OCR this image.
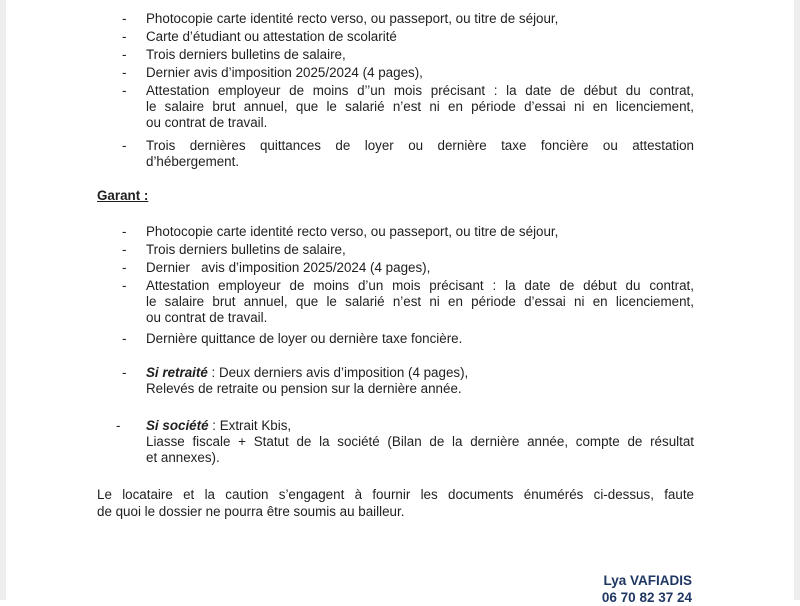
- Photocopie carte identité recto verso, ou passeport, ou titre de séjour,
- Carte d’étudiant ou attestation de scolarité
- Trois derniers bulletins de salaire,
- Dernier avis d’imposition 2025/2024 (4 pages),
- Attestation employeur de moins d’’un mois précisant : la date de début du contrat,
le salaire brut annuel, que le salarié n’est ni en période d’essai ni en licenciement,
ou contrat de travail.
- Trois dernières quittances de loyer ou dernière taxe foncière ou attestation
d’hébergement.
Garant :
- Photocopie carte identité recto verso, ou passeport, ou titre de séjour,
- Trois derniers bulletins de salaire,
- Dernier   avis d’imposition 2025/2024 (4 pages),
- Attestation employeur de moins d’un mois précisant : la date de début du contrat,
le salaire brut annuel, que le salarié n’est ni en période d’essai ni en licenciement,
ou contrat de travail.
- Dernière quittance de loyer ou dernière taxe foncière.
- Si retraité : Deux derniers avis d’imposition (4 pages),
Relevés de retraite ou pension sur la dernière année.
- Si société : Extrait Kbis,
Liasse fiscale + Statut de la société (Bilan de la dernière année, compte de résultat
et annexes).
Le locataire et la caution s’engagent à fournir les documents énumérés ci-dessus, faute
de quoi le dossier ne pourra être soumis au bailleur.
Lya VAFIADIS
06 70 82 37 24
